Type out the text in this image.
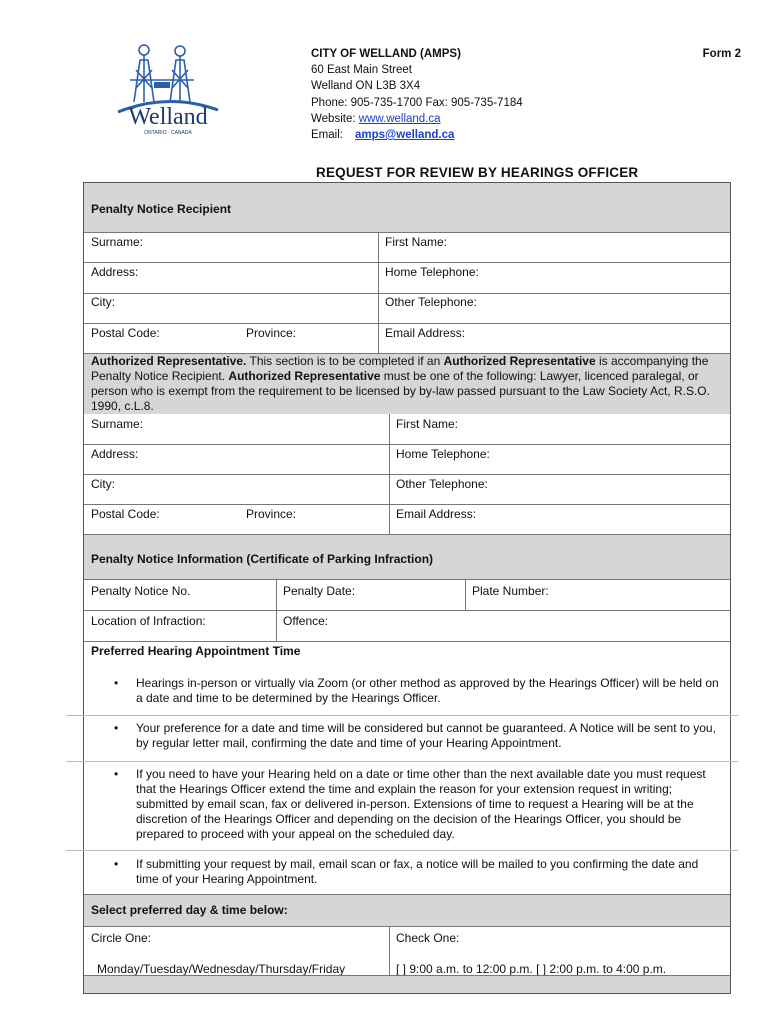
Welland
ONTARIO · CANADA
CITY OF WELLAND (AMPS)	Form 2
60 East Main Street
Welland ON L3B 3X4
Phone: 905-735-1700 Fax: 905-735-7184
Website: www.welland.ca
Email: amps@welland.ca
REQUEST FOR REVIEW BY HEARINGS OFFICER
Penalty Notice Recipient
Surname:	First Name:
Address:	Home Telephone:
City:	Other Telephone:
Postal Code:	Province:	Email Address:
Authorized Representative. This section is to be completed if an Authorized Representative is accompanying the Penalty Notice Recipient. Authorized Representative must be one of the following: Lawyer, licenced paralegal, or person who is exempt from the requirement to be licensed by by-law passed pursuant to the Law Society Act, R.S.O. 1990, c.L.8.
Surname:	First Name:
Address:	Home Telephone:
City:	Other Telephone:
Postal Code:	Province:	Email Address:
Penalty Notice Information (Certificate of Parking Infraction)
Penalty Notice No.	Penalty Date:	Plate Number:
Location of Infraction:	Offence:
Preferred Hearing Appointment Time
• Hearings in-person or virtually via Zoom (or other method as approved by the Hearings Officer) will be held on a date and time to be determined by the Hearings Officer.
• Your preference for a date and time will be considered but cannot be guaranteed. A Notice will be sent to you, by regular letter mail, confirming the date and time of your Hearing Appointment.
• If you need to have your Hearing held on a date or time other than the next available date you must request that the Hearings Officer extend the time and explain the reason for your extension request in writing; submitted by email scan, fax or delivered in-person. Extensions of time to request a Hearing will be at the discretion of the Hearings Officer and depending on the decision of the Hearings Officer, you should be prepared to proceed with your appeal on the scheduled day.
• If submitting your request by mail, email scan or fax, a notice will be mailed to you confirming the date and time of your Hearing Appointment.
Select preferred day & time below:
Circle One:	Check One:
Monday/Tuesday/Wednesday/Thursday/Friday	[ ] 9:00 a.m. to 12:00 p.m. [ ] 2:00 p.m. to 4:00 p.m.
